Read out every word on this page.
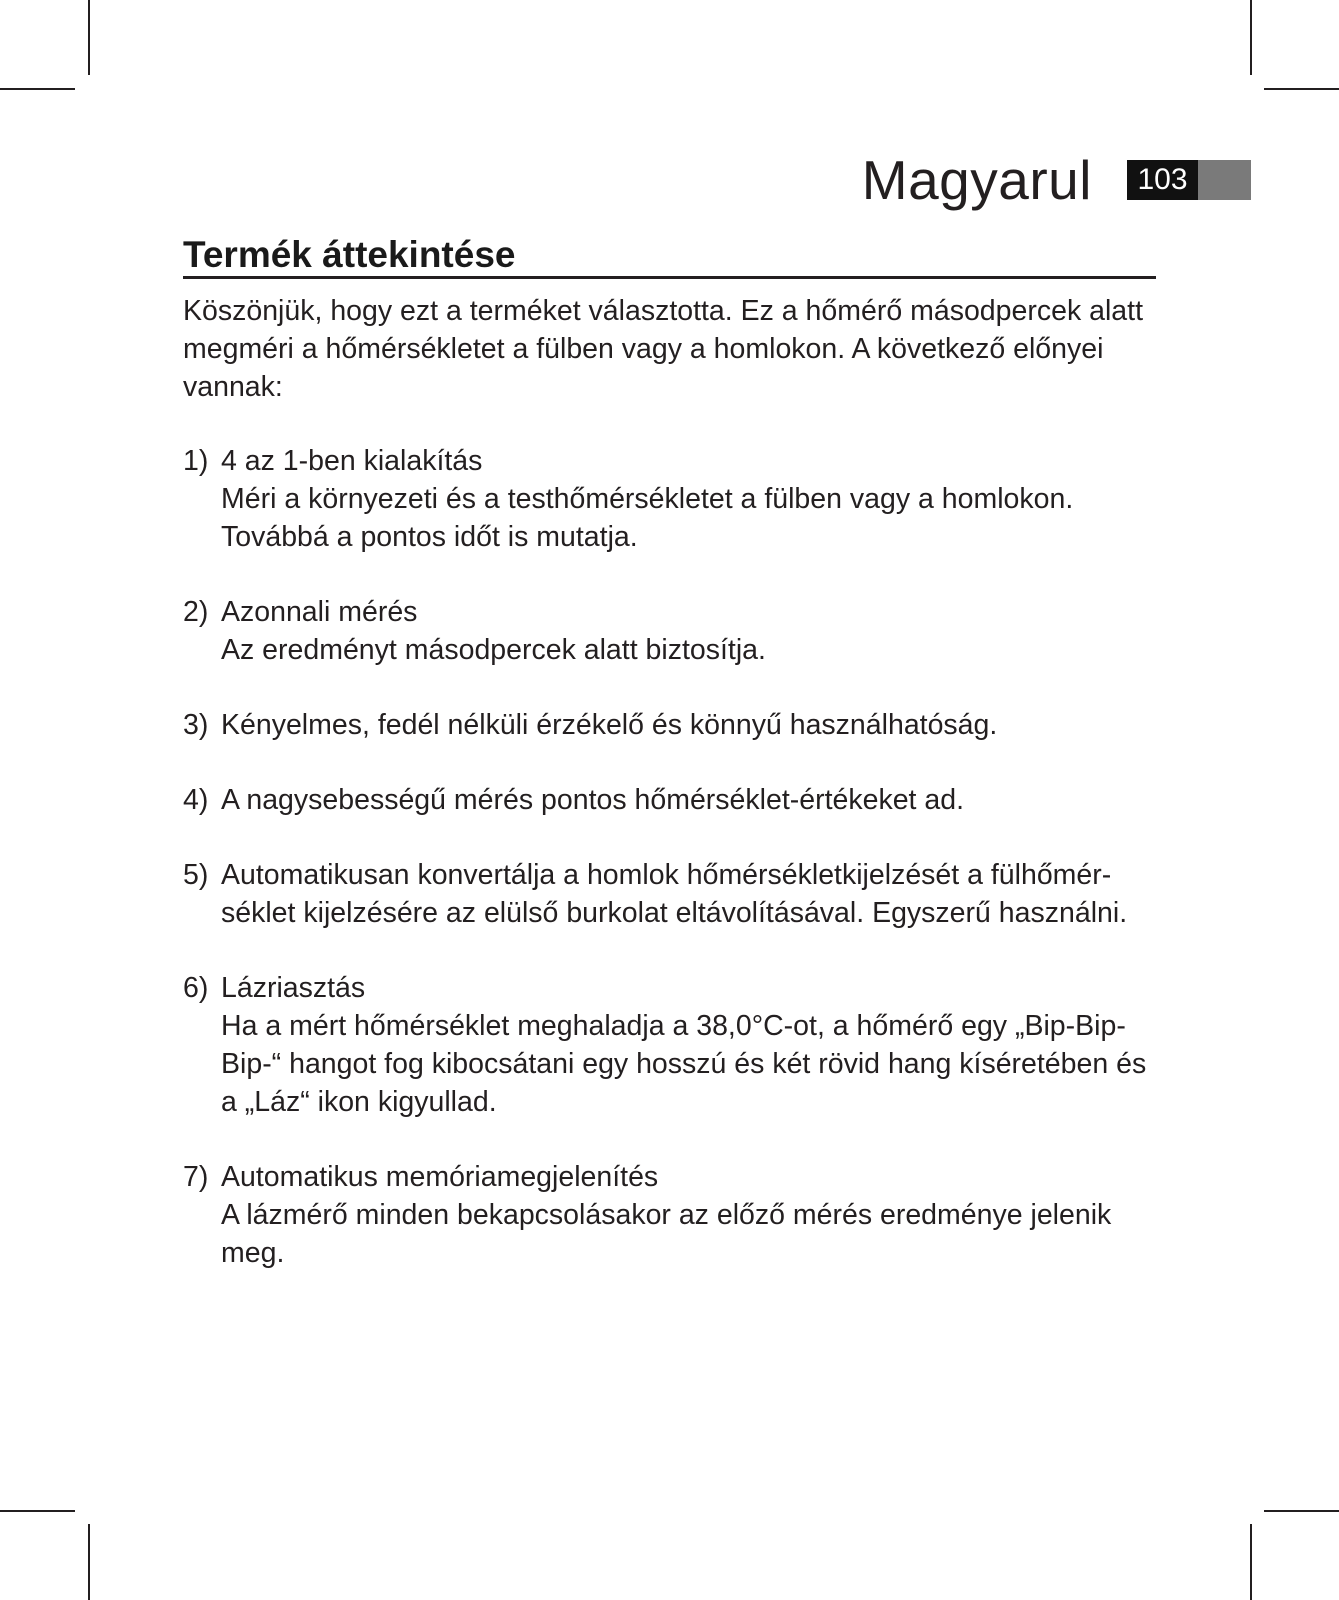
Magyarul	103
Termék áttekintése

Köszönjük, hogy ezt a terméket választotta. Ez a hőmérő másodpercek alatt megméri a hőmérsékletet a fülben vagy a homlokon. A következő előnyei vannak:

1) 4 az 1-ben kialakítás

Méri a környezeti és a testhőmérsékletet a fülben vagy a homlokon. Továbbá a pontos időt is mutatja.

2) Azonnali mérés

Az eredményt másodpercek alatt biztosítja.

3) Kényelmes, fedél nélküli érzékelő és könnyű használhatóság.

4) A nagysebességű mérés pontos hőmérséklet-értékeket ad.

5) Automatikusan konvertálja a homlok hőmérsékletkijelzését a fülhőmér-séklet kijelzésére az elülső burkolat eltávolításával. Egyszerű használni.

6) Lázriasztás

Ha a mért hőmérséklet meghaladja a 38,0°C-ot, a hőmérő egy „Bip-Bip-Bip-“ hangot fog kibocsátani egy hosszú és két rövid hang kíséretében és a „Láz“ ikon kigyullad.

7) Automatikus memóriamegjelenítés

A lázmérő minden bekapcsolásakor az előző mérés eredménye jelenik meg.
